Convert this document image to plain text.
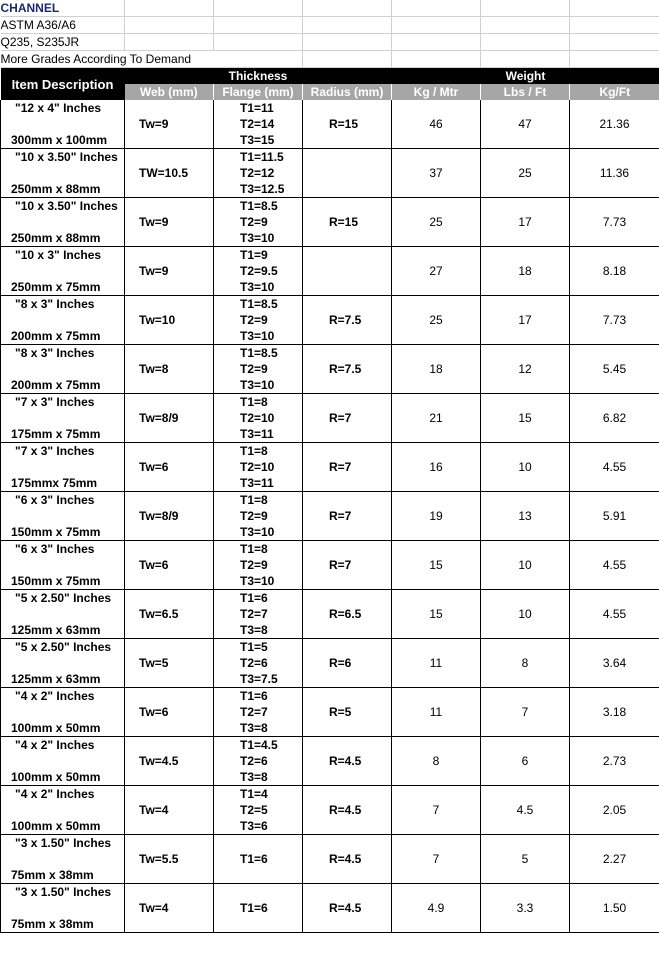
CHANNEL						
ASTM A36/A6						
Q235, S235JR						
More Grades According To Demand						
Item Description	Thickness			Weight		
	Web (mm)	Flange (mm)	Radius (mm)	Kg / Mtr	Lbs / Ft	Kg/Ft
"12 x 4" Inches		T1=11				
	Tw=9	T2=14	R=15	46	47	21.36
300mm x 100mm		T3=15				
"10 x 3.50" Inches		T1=11.5				
	TW=10.5	T2=12		37	25	11.36
250mm x 88mm		T3=12.5				
"10 x 3.50" Inches		T1=8.5				
	Tw=9	T2=9	R=15	25	17	7.73
250mm x 88mm		T3=10				
"10 x 3" Inches		T1=9				
	Tw=9	T2=9.5		27	18	8.18
250mm x 75mm		T3=10				
"8 x 3" Inches		T1=8.5				
	Tw=10	T2=9	R=7.5	25	17	7.73
200mm x 75mm		T3=10				
"8 x 3" Inches		T1=8.5				
	Tw=8	T2=9	R=7.5	18	12	5.45
200mm x 75mm		T3=10				
"7 x 3" Inches		T1=8				
	Tw=8/9	T2=10	R=7	21	15	6.82
175mm x 75mm		T3=11				
"7 x 3" Inches		T1=8				
	Tw=6	T2=10	R=7	16	10	4.55
175mmx 75mm		T3=11				
"6 x 3" Inches		T1=8				
	Tw=8/9	T2=9	R=7	19	13	5.91
150mm x 75mm		T3=10				
"6 x 3" Inches		T1=8				
	Tw=6	T2=9	R=7	15	10	4.55
150mm x 75mm		T3=10				
"5 x 2.50" Inches		T1=6				
	Tw=6.5	T2=7	R=6.5	15	10	4.55
125mm x 63mm		T3=8				
"5 x 2.50" Inches		T1=5				
	Tw=5	T2=6	R=6	11	8	3.64
125mm x 63mm		T3=7.5				
"4 x 2" Inches		T1=6				
	Tw=6	T2=7	R=5	11	7	3.18
100mm x 50mm		T3=8				
"4 x 2" Inches		T1=4.5				
	Tw=4.5	T2=6	R=4.5	8	6	2.73
100mm x 50mm		T3=8				
"4 x 2" Inches		T1=4				
	Tw=4	T2=5	R=4.5	7	4.5	2.05
100mm x 50mm		T3=6				
"3 x 1.50" Inches						
	Tw=5.5	T1=6	R=4.5	7	5	2.27
75mm x 38mm						
"3 x 1.50" Inches						
	Tw=4	T1=6	R=4.5	4.9	3.3	1.50
75mm x 38mm						
